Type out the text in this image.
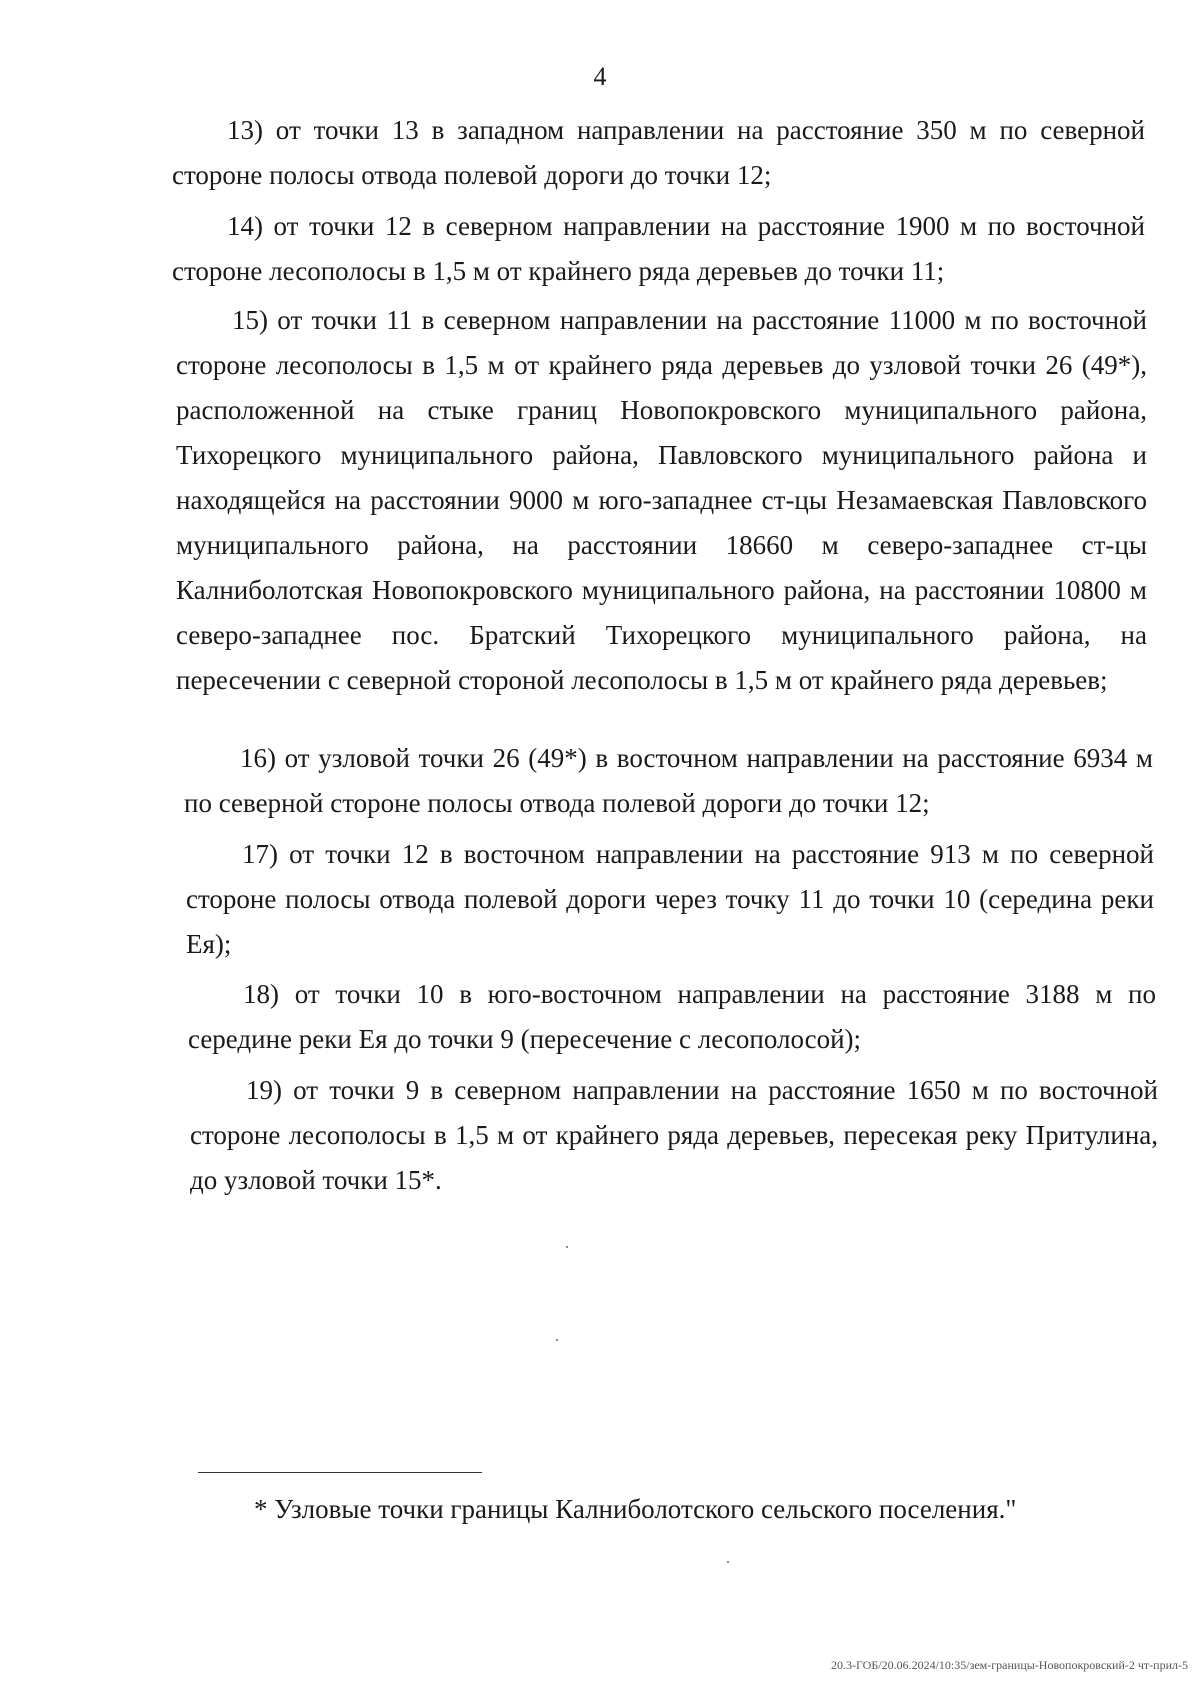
4

13) от точки 13 в западном направлении на расстояние 350 м по северной стороне полосы отвода полевой дороги до точки 12;

14) от точки 12 в северном направлении на расстояние 1900 м по восточной стороне лесополосы в 1,5 м от крайнего ряда деревьев до точки 11;

15) от точки 11 в северном направлении на расстояние 11000 м по восточной стороне лесополосы в 1,5 м от крайнего ряда деревьев до узловой точки 26 (49*), расположенной на стыке границ Новопокровского муниципального района, Тихорецкого муниципального района, Павловского муниципального района и находящейся на расстоянии 9000 м юго-западнее ст-цы Незамаевская Павловского муниципального района, на расстоянии 18660 м северо-западнее ст-цы Калниболотская Новопокровского муниципального района, на расстоянии 10800 м северо-западнее пос. Братский Тихорецкого муниципального района, на пересечении с северной стороной лесополосы в 1,5 м от крайнего ряда деревьев;

16) от узловой точки 26 (49*) в восточном направлении на расстояние 6934 м по северной стороне полосы отвода полевой дороги до точки 12;

17) от точки 12 в восточном направлении на расстояние 913 м по северной стороне полосы отвода полевой дороги через точку 11 до точки 10 (середина реки Ея);

18) от точки 10 в юго-восточном направлении на расстояние 3188 м по середине реки Ея до точки 9 (пересечение с лесополосой);

19) от точки 9 в северном направлении на расстояние 1650 м по восточной стороне лесополосы в 1,5 м от крайнего ряда деревьев, пересекая реку Притулина, до узловой точки 15*.

* Узловые точки границы Калниболотского сельского поселения."
20.3-ГОБ/20.06.2024/10:35/зем-границы-Новопокровский-2 чт-прил-5
